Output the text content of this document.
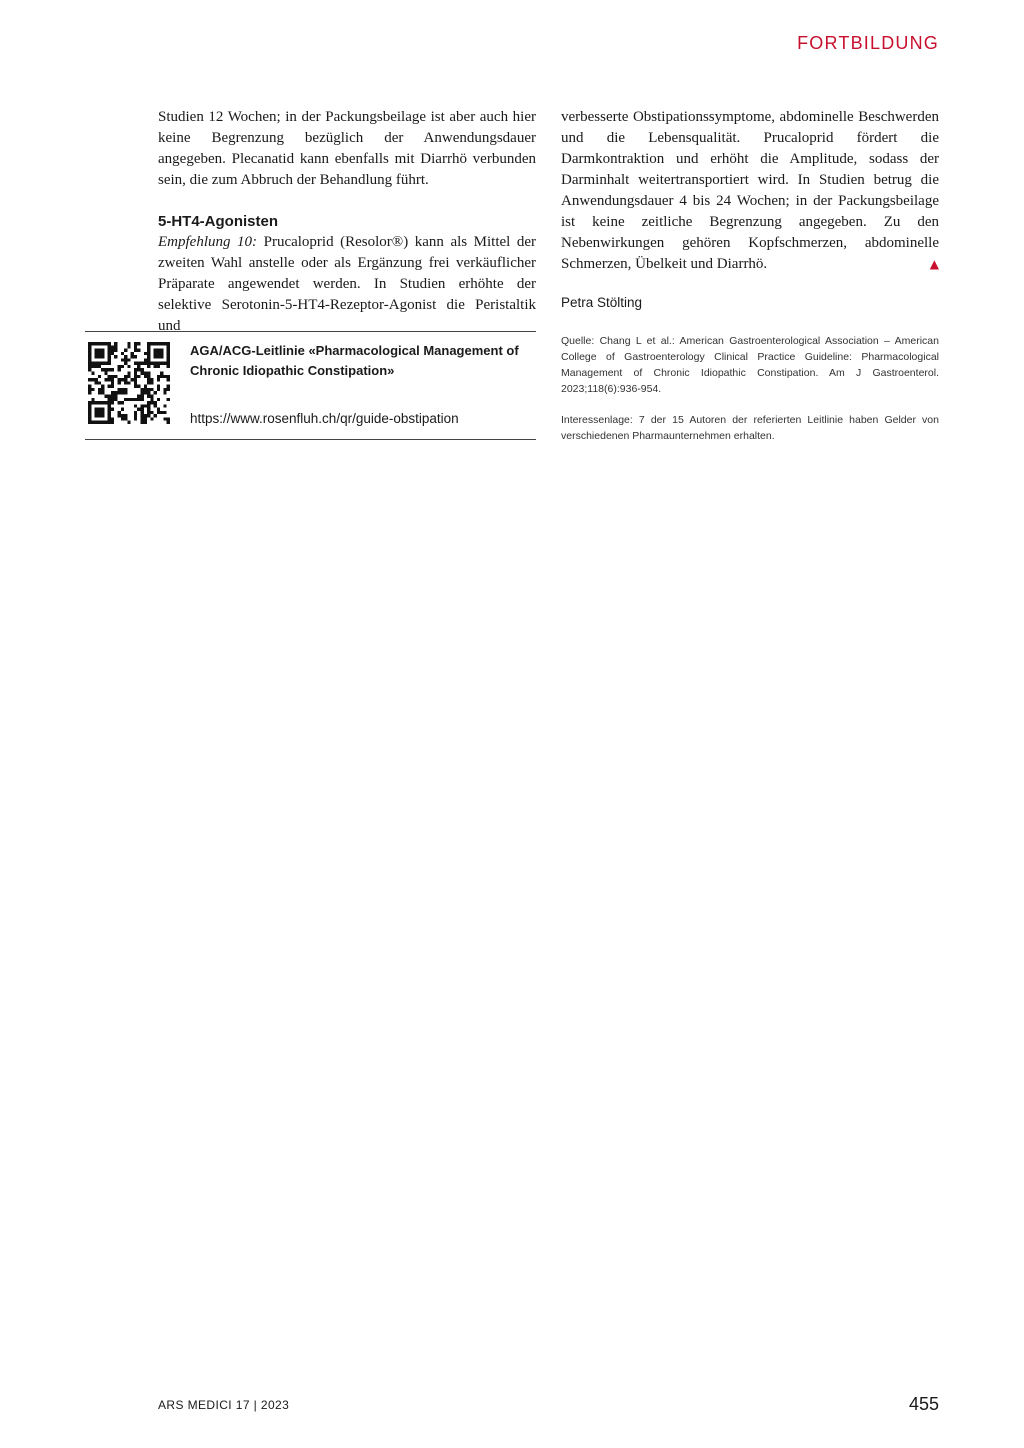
FORTBILDUNG

Studien 12 Wochen; in der Packungsbeilage ist aber auch hier keine Begrenzung bezüglich der Anwendungsdauer angegeben. Plecanatid kann ebenfalls mit Diarrhö verbunden sein, die zum Abbruch der Behandlung führt.

5-HT4-Agonisten

Empfehlung 10: Prucaloprid (Resolor®) kann als Mittel der zweiten Wahl anstelle oder als Ergänzung frei verkäuflicher Präparate angewendet werden. In Studien erhöhte der selektive Serotonin-5-HT4-Rezeptor-Agonist die Peristaltik und

AGA/ACG-Leitlinie «Pharmacological Management of Chronic Idiopathic Constipation»
https://www.rosenfluh.ch/qr/guide-obstipation

verbesserte Obstipationssymptome, abdominelle Beschwerden und die Lebensqualität. Prucaloprid fördert die Darmkontraktion und erhöht die Amplitude, sodass der Darminhalt weitertransportiert wird. In Studien betrug die Anwendungsdauer 4 bis 24 Wochen; in der Packungsbeilage ist keine zeitliche Begrenzung angegeben. Zu den Nebenwirkungen gehören Kopfschmerzen, abdominelle Schmerzen, Übelkeit und Diarrhö.	▲

Petra Stölting

Quelle: Chang L et al.: American Gastroenterological Association – American College of Gastroenterology Clinical Practice Guideline: Pharmacological Management of Chronic Idiopathic Constipation. Am J Gastroenterol. 2023;118(6):936-954.

Interessenlage: 7 der 15 Autoren der referierten Leitlinie haben Gelder von verschiedenen Pharmaunternehmen erhalten.

ARS MEDICI 17 | 2023	455
